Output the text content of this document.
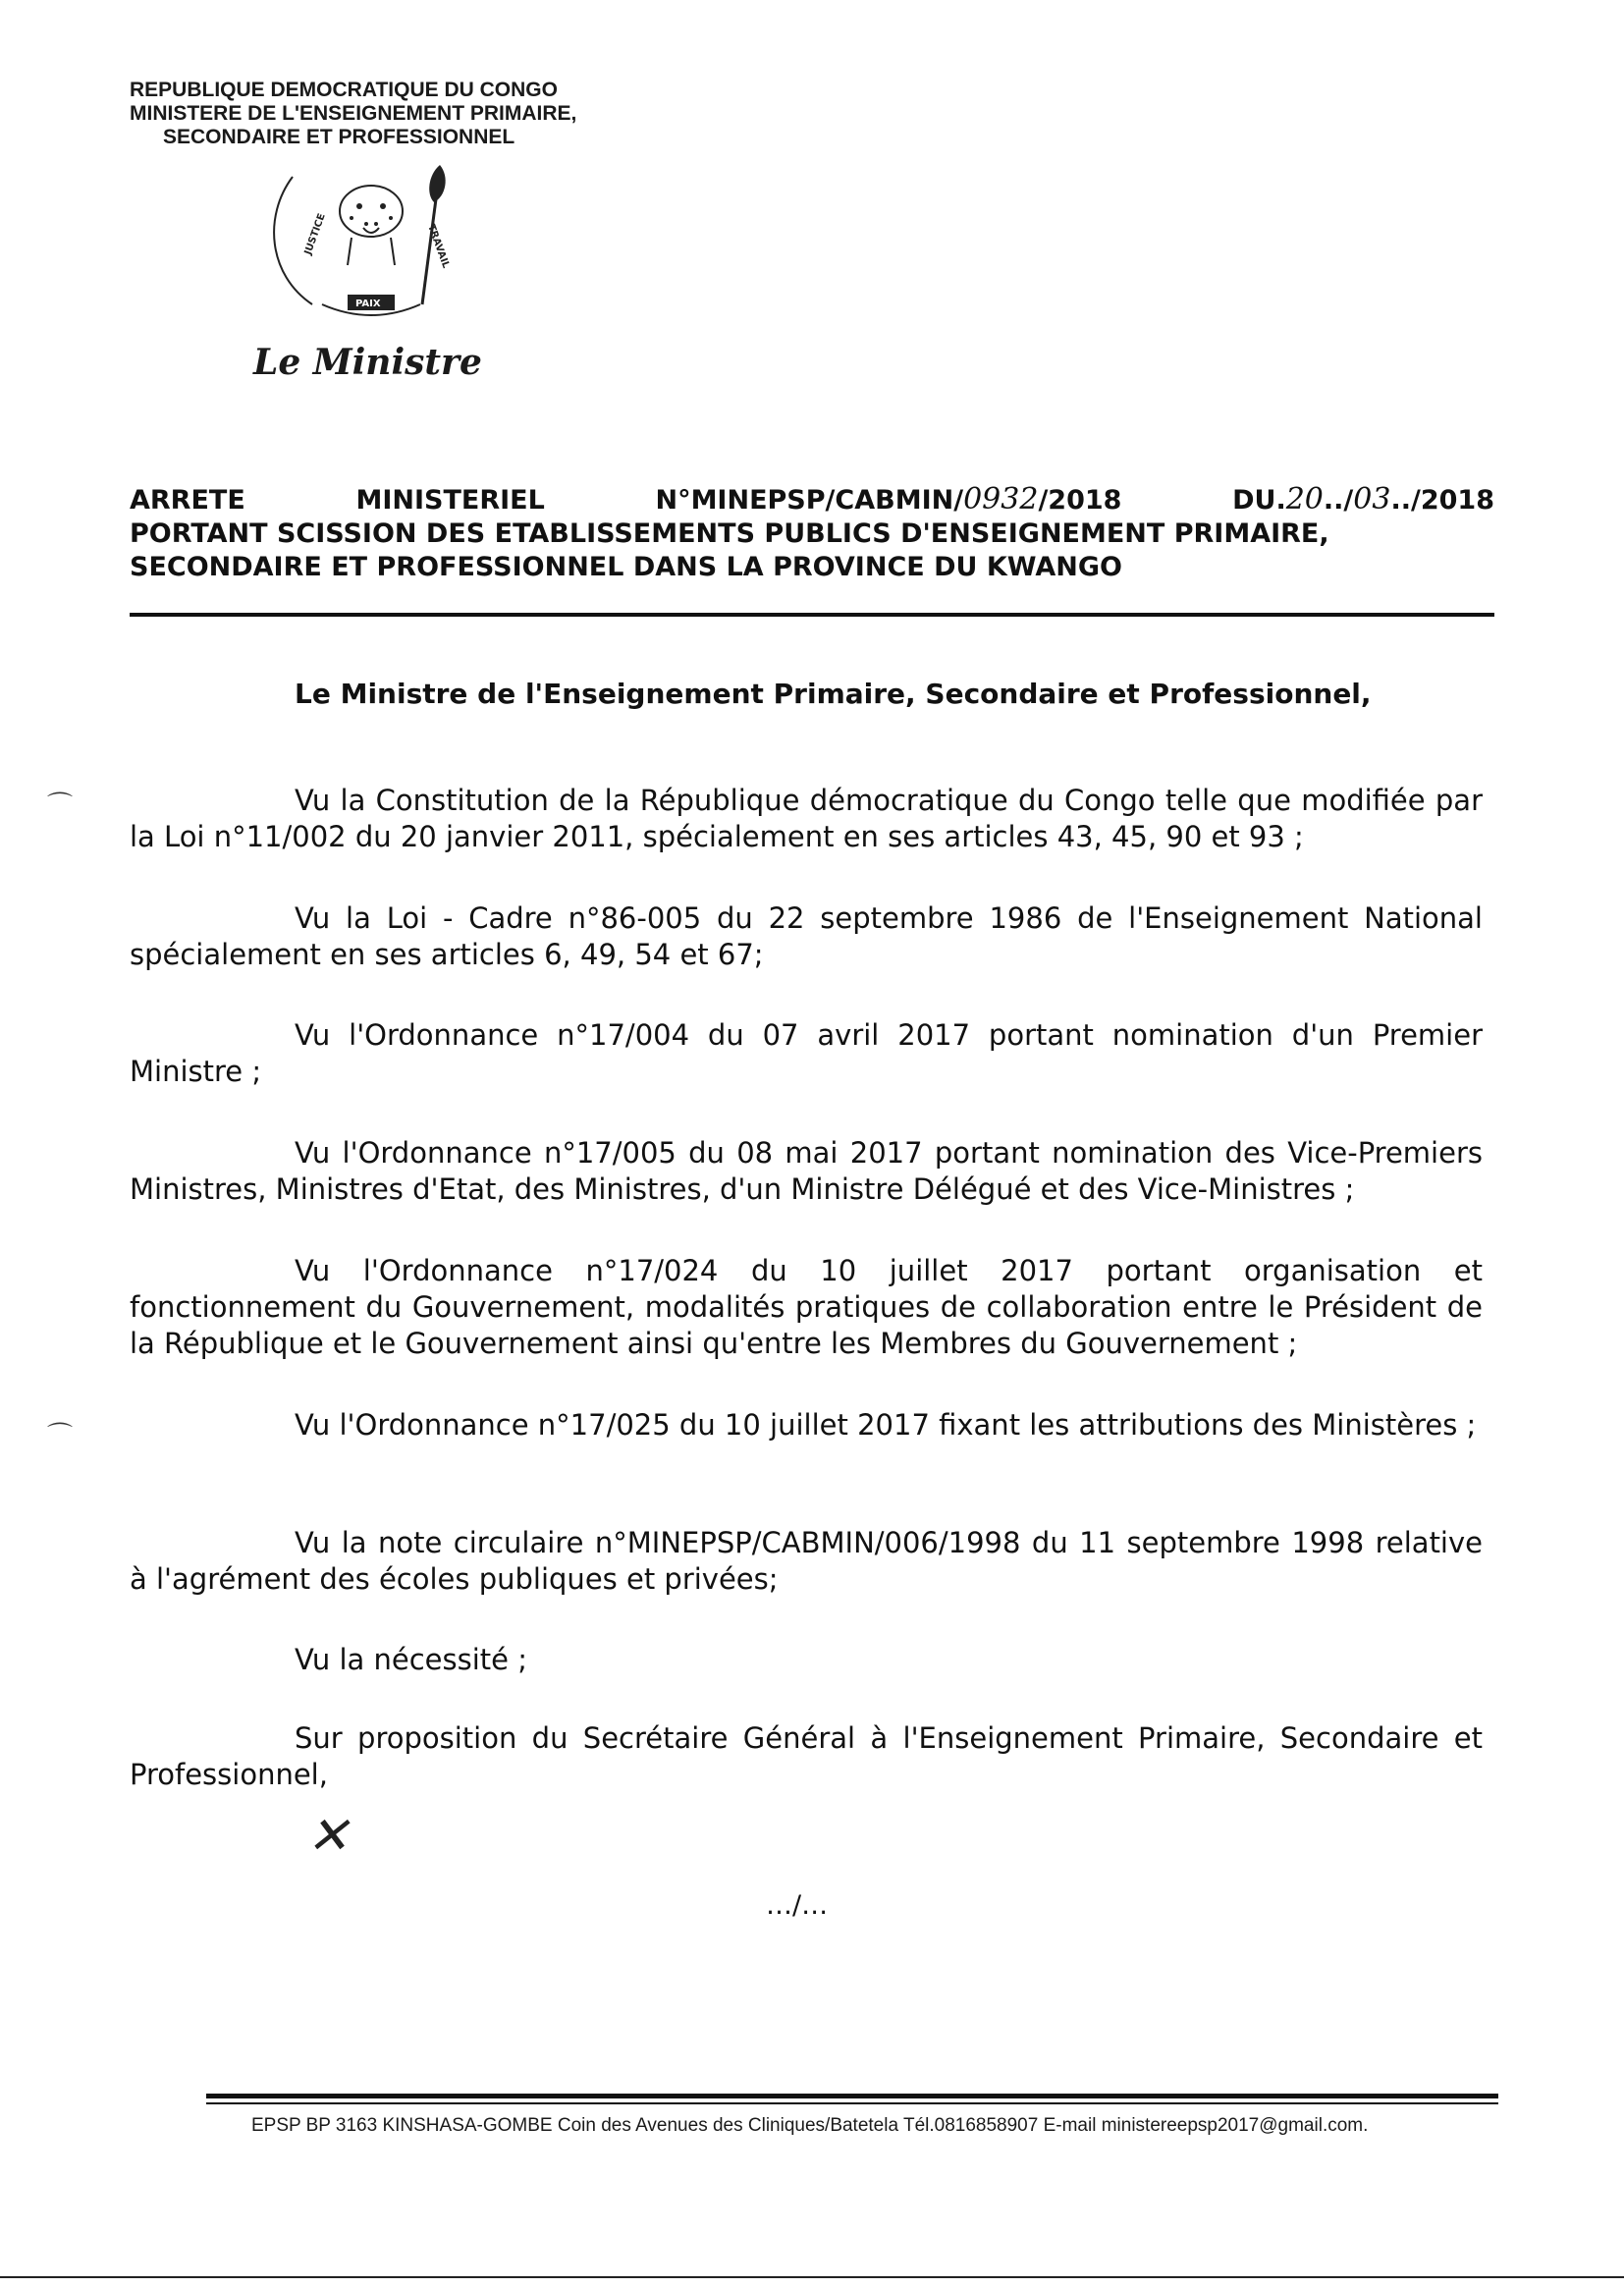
REPUBLIQUE DEMOCRATIQUE DU CONGO
MINISTERE DE L'ENSEIGNEMENT PRIMAIRE,
SECONDAIRE ET PROFESSIONNEL
JUSTICE
PAIX
TRAVAIL
Le Ministre
ARRETE	MINISTERIEL	N°MINEPSP/CABMIN/0932/2018	DU.20../03../2018
PORTANT SCISSION DES ETABLISSEMENTS PUBLICS D'ENSEIGNEMENT PRIMAIRE,
SECONDAIRE ET PROFESSIONNEL DANS LA PROVINCE DU KWANGO
Le Ministre de l'Enseignement Primaire, Secondaire et Professionnel,
⌒
⌒

Vu la Constitution de la République démocratique du Congo telle que modifiée par la Loi n°11/002 du 20 janvier 2011, spécialement en ses articles 43, 45, 90 et 93 ;

Vu la Loi - Cadre n°86-005 du 22 septembre 1986 de l'Enseignement National spécialement en ses articles 6, 49, 54 et 67;

Vu l'Ordonnance n°17/004 du 07 avril 2017 portant nomination d'un Premier Ministre ;

Vu l'Ordonnance n°17/005 du 08 mai 2017 portant nomination des Vice-Premiers Ministres, Ministres d'Etat, des Ministres, d'un Ministre Délégué et des Vice-Ministres ;

Vu l'Ordonnance n°17/024 du 10 juillet 2017 portant organisation et fonctionnement du Gouvernement, modalités pratiques de collaboration entre le Président de la République et le Gouvernement ainsi qu'entre les Membres du Gouvernement ;

Vu l'Ordonnance n°17/025 du 10 juillet 2017 fixant les attributions des Ministères ;

Vu la note circulaire n°MINEPSP/CABMIN/006/1998 du 11 septembre 1998 relative à l'agrément des écoles publiques et privées;

Vu la nécessité ;

Sur proposition du Secrétaire Général à l'Enseignement Primaire, Secondaire et Professionnel,

✕
…/…
EPSP BP 3163 KINSHASA-GOMBE Coin des Avenues des Cliniques/Batetela Tél.0816858907 E-mail ministereepsp2017@gmail.com.
